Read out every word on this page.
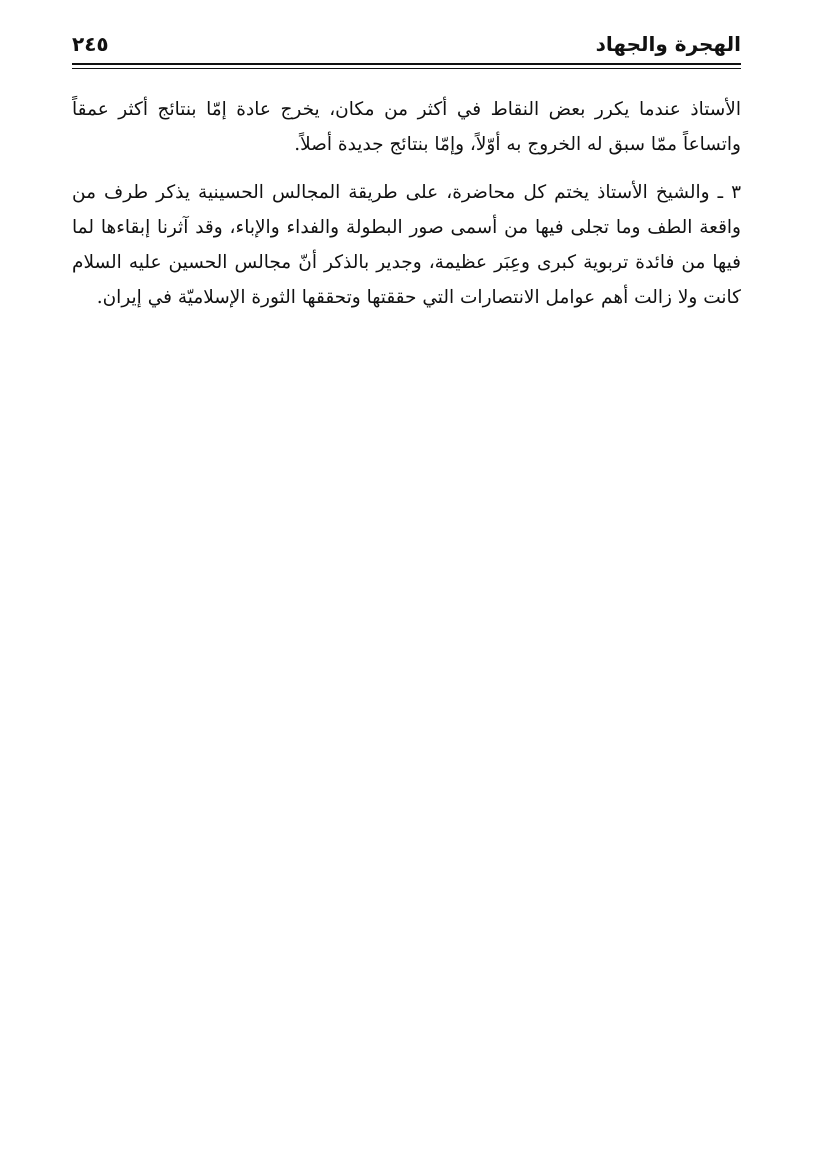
الهجرة والجهاد
٢٤٥

الأستاذ عندما يكرر بعض النقاط في أكثر من مكان، يخرج عادة إمّا بنتائج أكثر عمقاً واتساعاً ممّا سبق له الخروج به أوّلاً، وإمّا بنتائج جديدة أصلاً.

٣ ـ والشيخ الأستاذ يختم كل محاضرة، على طريقة المجالس الحسينية يذكر طرف من واقعة الطف وما تجلى فيها من أسمى صور البطولة والفداء والإباء، وقد آثرنا إبقاءها لما فيها من فائدة تربوية كبرى وعِبَر عظيمة، وجدير بالذكر أنّ مجالس الحسين عليه السلام كانت ولا زالت أهم عوامل الانتصارات التي حققتها وتحققها الثورة الإسلاميّة في إيران.
